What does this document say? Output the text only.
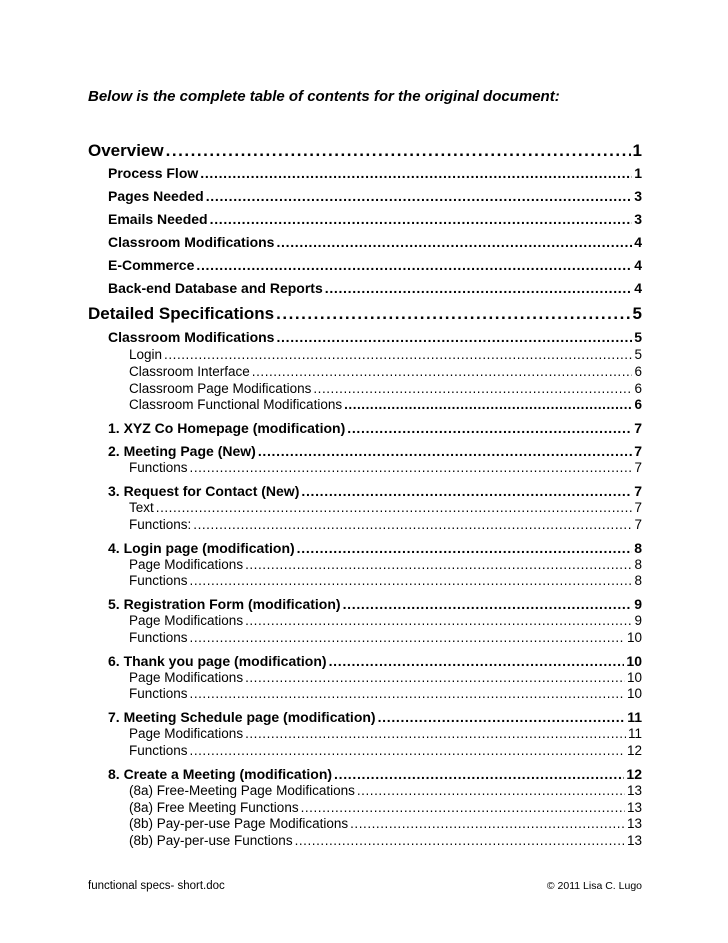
Below is the complete table of contents for the original document:
Overview . . .	1
Process Flow . . .	1
Pages Needed . . .	3
Emails Needed . . .	3
Classroom Modifications . . .	4
E-Commerce . . .	4
Back-end Database and Reports . . .	4
Detailed Specifications . . .	5
Classroom Modifications . . .	5
Login . . .	5
Classroom Interface . . .	6
Classroom Page Modifications . . .	6
Classroom Functional Modifications . . .	6
1. XYZ Co Homepage (modification) . . .	7
2. Meeting Page (New) . . .	7
Functions . . .	7
3. Request for Contact (New) . . .	7
Text . . .	7
Functions: . . .	7
4. Login page (modification) . . .	8
Page Modifications . . .	8
Functions . . .	8
5. Registration Form (modification) . . .	9
Page Modifications . . .	9
Functions . . .	10
6. Thank you page (modification) . . .	10
Page Modifications . . .	10
Functions . . .	10
7. Meeting Schedule page (modification) . . .	11
Page Modifications . . .	11
Functions . . .	12
8. Create a Meeting (modification) . . .	12
(8a) Free-Meeting Page Modifications . . .	13
(8a) Free Meeting Functions . . .	13
(8b) Pay-per-use Page Modifications . . .	13
(8b) Pay-per-use Functions . . .	13
functional specs- short.doc	© 2011 Lisa C. Lugo
